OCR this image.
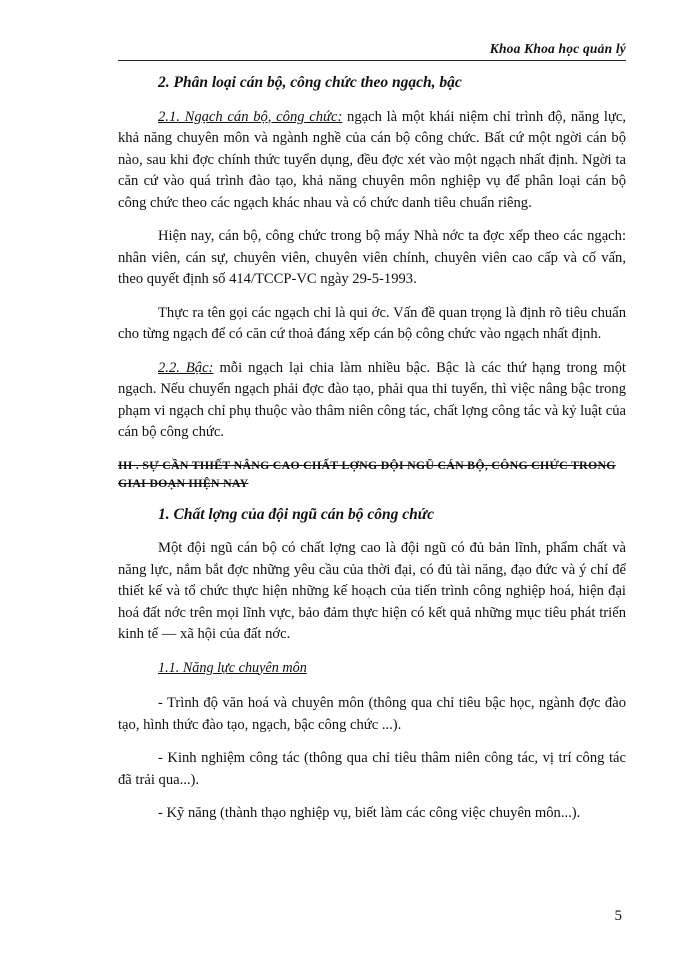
Khoa Khoa học quản lý
2. Phân loại cán bộ, công chức theo ngạch, bậc

2.1. Ngạch cán bộ, công chức: ngạch là một khái niệm chỉ trình độ, năng lực, khả năng chuyên môn và ngành nghề của cán bộ công chức. Bất cứ một ngời cán bộ nào, sau khi đợc chính thức tuyển dụng, đều đợc xét vào một ngạch nhất định. Ngời ta căn cứ vào quá trình đào tạo, khả năng chuyên môn nghiệp vụ để phân loại cán bộ công chức theo các ngạch khác nhau và có chức danh tiêu chuẩn riêng.

Hiện nay, cán bộ, công chức trong bộ máy Nhà nớc ta đợc xếp theo các ngạch: nhân viên, cán sự, chuyên viên, chuyên viên chính, chuyên viên cao cấp và cố vấn, theo quyết định số 414/TCCP-VC ngày 29-5-1993.

Thực ra tên gọi các ngạch chỉ là qui ớc. Vấn đề quan trọng là định rõ tiêu chuẩn cho từng ngạch để có căn cứ thoả đáng xếp cán bộ công chức vào ngạch nhất định.

2.2. Bậc: mỗi ngạch lại chia làm nhiều bậc. Bậc là các thứ hạng trong một ngạch. Nếu chuyển ngạch phải đợc đào tạo, phải qua thi tuyển, thì việc nâng bậc trong phạm vi ngạch chỉ phụ thuộc vào thâm niên công tác, chất lợng công tác và kỷ luật của cán bộ công chức.

III . SỰ CẦN THIẾT NÂNG CAO CHẤT LỢNG ĐỘI NGŨ CÁN BỘ, CÔNG CHỨC TRONG GIAI ĐOẠN HIỆN NAY
1. Chất lợng của đội ngũ cán bộ công chức

Một đội ngũ cán bộ có chất lợng cao là đội ngũ có đủ bản lĩnh, phẩm chất và năng lực, nắm bắt đợc những yêu cầu của thời đại, có đủ tài năng, đạo đức và ý chí để thiết kế và tổ chức thực hiện những kế hoạch của tiến trình công nghiệp hoá, hiện đại hoá đất nớc trên mọi lĩnh vực, bảo đảm thực hiện có kết quả những mục tiêu phát triển kinh tế — xã hội của đất nớc.

1.1. Năng lực chuyên môn

- Trình độ văn hoá và chuyên môn (thông qua chỉ tiêu bậc học, ngành đợc đào tạo, hình thức đào tạo, ngạch, bậc công chức ...).

- Kinh nghiệm công tác (thông qua chỉ tiêu thâm niên công tác, vị trí công tác đã trải qua...).

- Kỹ năng (thành thạo nghiệp vụ, biết làm các công việc chuyên môn...).

5
